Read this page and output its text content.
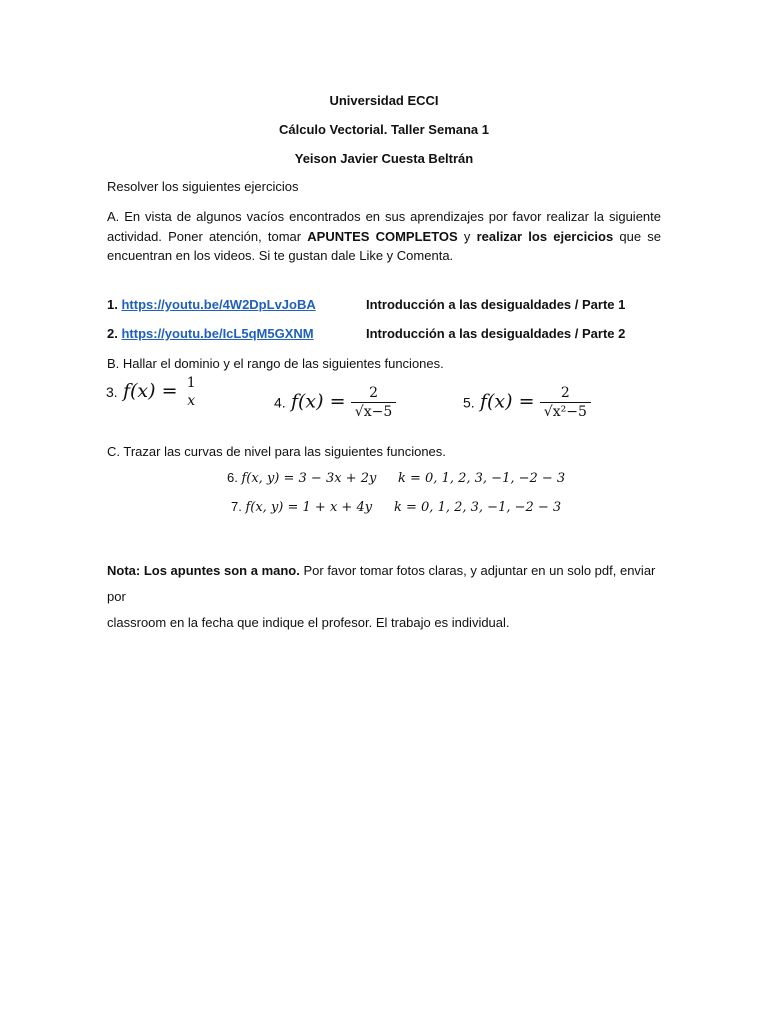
Universidad ECCI
Cálculo Vectorial. Taller Semana 1
Yeison Javier Cuesta Beltrán
Resolver los siguientes ejercicios
A. En vista de algunos vacíos encontrados en sus aprendizajes por favor realizar la siguiente actividad. Poner atención, tomar APUNTES COMPLETOS y realizar los ejercicios que se encuentran en los videos. Si te gustan dale Like y Comenta.
1. https://youtu.be/4W2DpLvJoBA	Introducción a las desigualdades / Parte 1
2. https://youtu.be/IcL5qM5GXNM	Introducción a las desigualdades / Parte 2
B. Hallar el dominio y el rango de las siguientes funciones.
3. f(x) = 1
x	4. $f(x) = \frac{2}{√x-5}$	5. $f(x) = \frac{2}{\text{√x²−5}}$
C. Trazar las curvas de nivel para las siguientes funciones.
6. f(x, y) = 3 − 3x + 2y k = 0, 1, 2, 3, −1, −2 − 3
7. f(x, y) = 1 + x + 4y k = 0, 1, 2, 3, −1, −2 − 3
Nota: Los apuntes son a mano. Por favor tomar fotos claras, y adjuntar en un solo pdf, enviar por
classroom en la fecha que indique el profesor. El trabajo es individual.
